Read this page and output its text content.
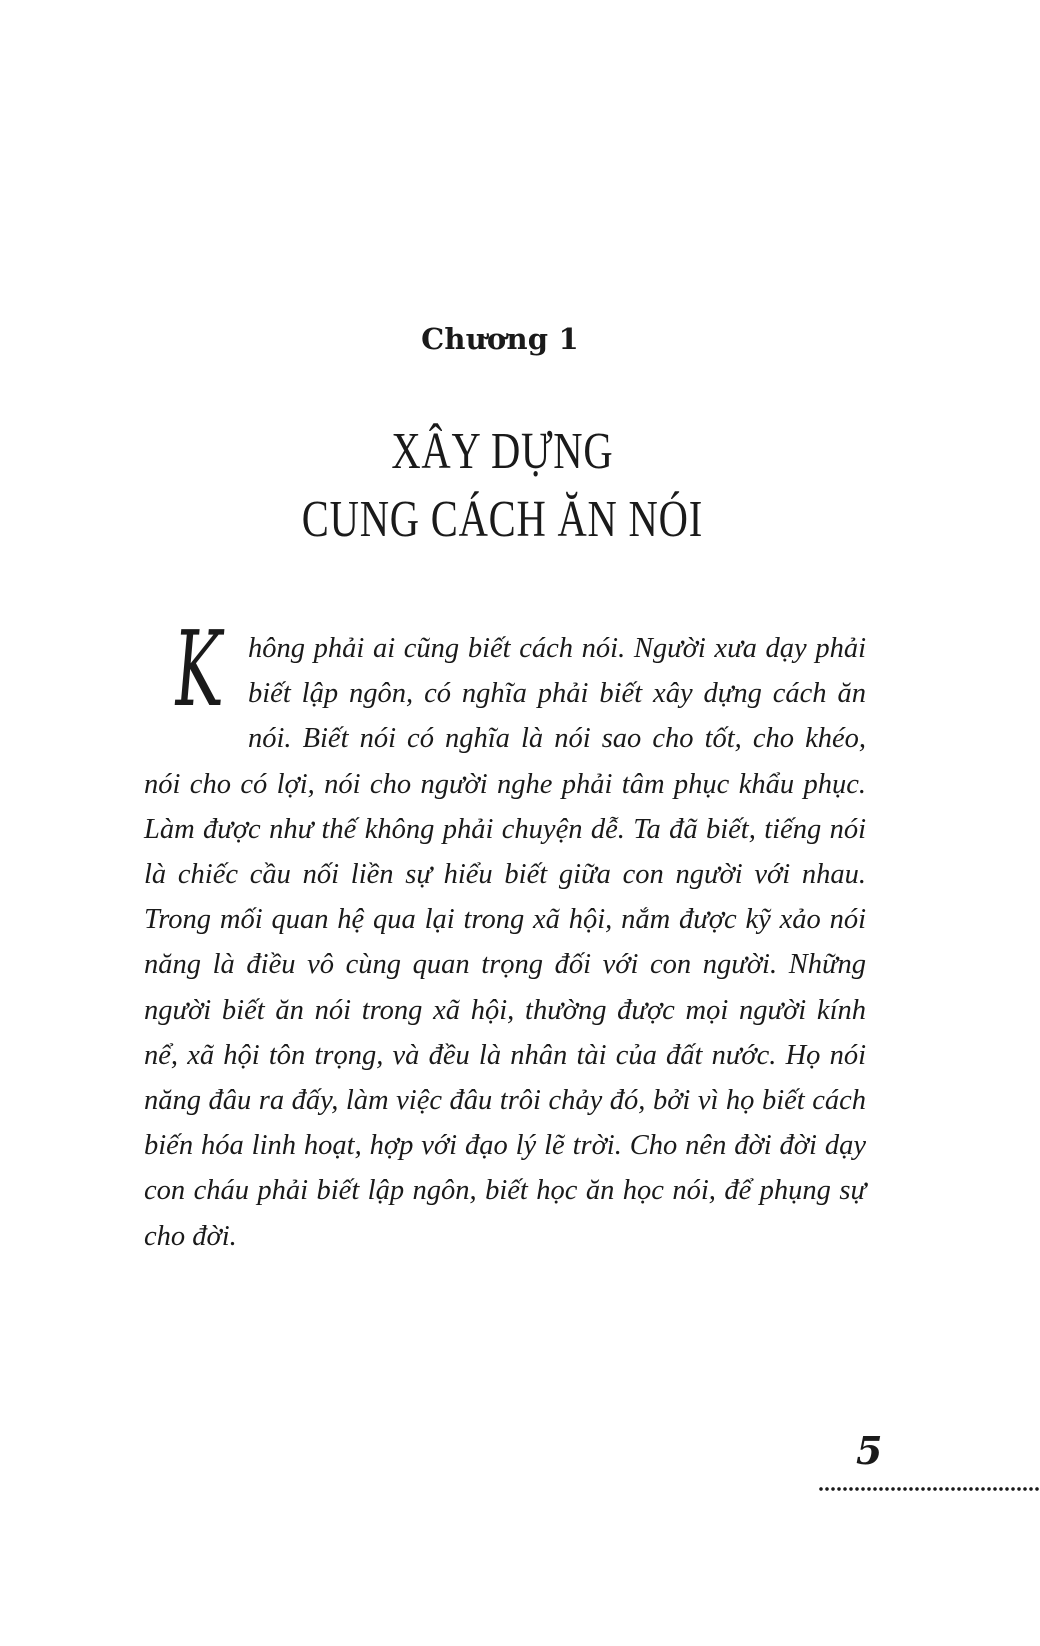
Chương 1
XÂY DỰNG
CUNG CÁCH ĂN NÓI

Không phải ai cũng biết cách nói. Người xưa dạy phải biết lập ngôn, có nghĩa phải biết xây dựng cách ăn nói. Biết nói có nghĩa là nói sao cho tốt, cho khéo, nói cho có lợi, nói cho người nghe phải tâm phục khẩu phục. Làm được như thế không phải chuyện dễ. Ta đã biết, tiếng nói là chiếc cầu nối liền sự hiểu biết giữa con người với nhau. Trong mối quan hệ qua lại trong xã hội, nắm được kỹ xảo nói năng là điều vô cùng quan trọng đối với con người. Những người biết ăn nói trong xã hội, thường được mọi người kính nể, xã hội tôn trọng, và đều là nhân tài của đất nước. Họ nói năng đâu ra đấy, làm việc đâu trôi chảy đó, bởi vì họ biết cách biến hóa linh hoạt, hợp với đạo lý lẽ trời. Cho nên đời đời dạy con cháu phải biết lập ngôn, biết học ăn học nói, để phụng sự cho đời.

5
